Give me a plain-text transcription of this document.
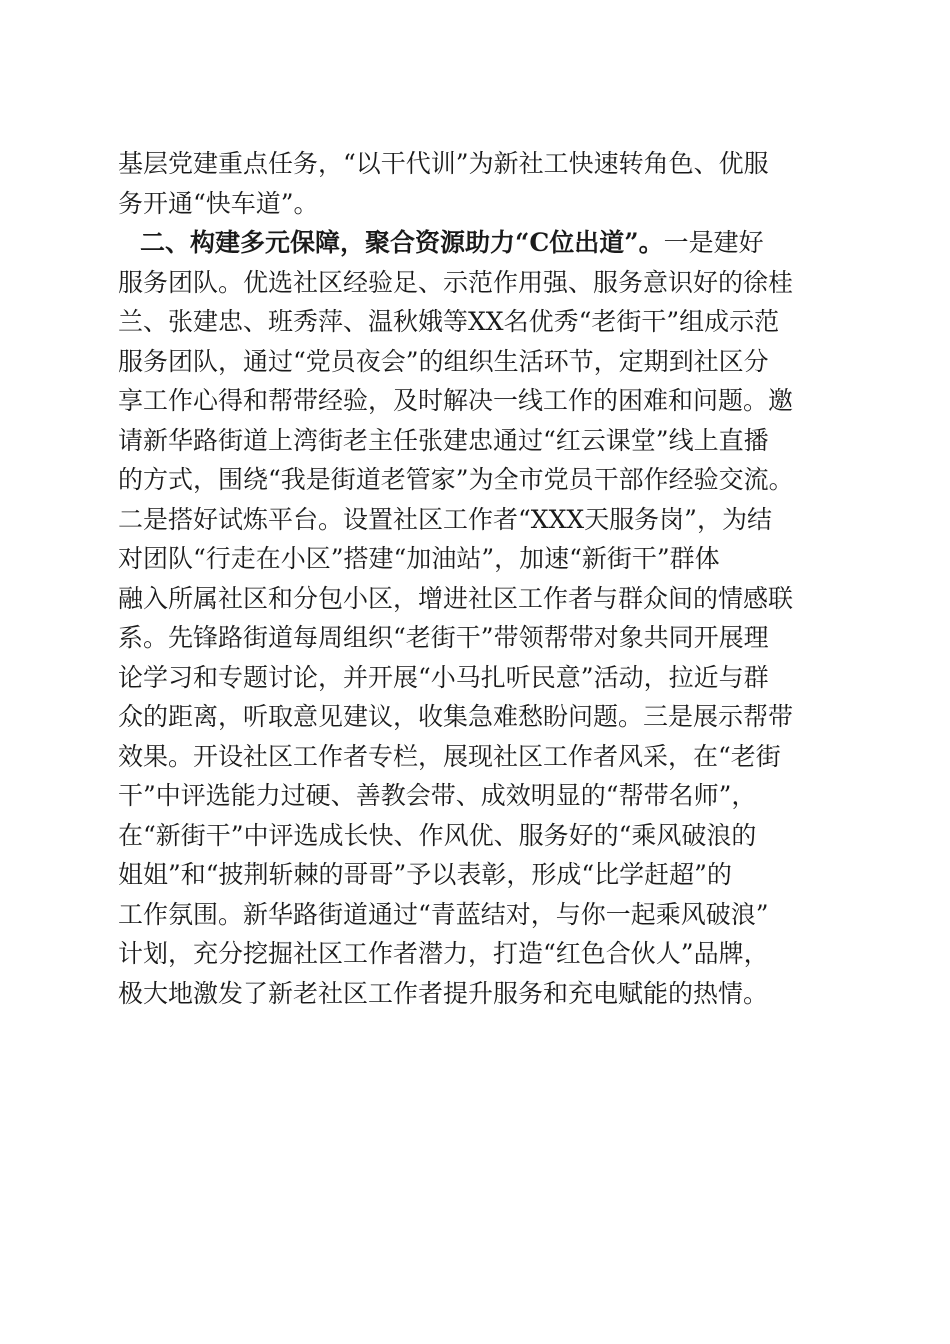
基层党建重点任务，“以干代训”为新社工快速转角色、优服
务开通“快车道”。
二、构建多元保障，聚合资源助力“C位出道”。一是建好
服务团队。优选社区经验足、示范作用强、服务意识好的徐桂
兰、张建忠、班秀萍、温秋娥等XX名优秀“老街干”组成示范
服务团队，通过“党员夜会”的组织生活环节，定期到社区分
享工作心得和帮带经验，及时解决一线工作的困难和问题。邀
请新华路街道上湾街老主任张建忠通过“红云课堂”线上直播
的方式，围绕“我是街道老管家”为全市党员干部作经验交流。
二是搭好试炼平台。设置社区工作者“XXX天服务岗”，为结
对团队“行走在小区”搭建“加油站”，加速“新街干”群体
融入所属社区和分包小区，增进社区工作者与群众间的情感联
系。先锋路街道每周组织“老街干”带领帮带对象共同开展理
论学习和专题讨论，并开展“小马扎听民意”活动，拉近与群
众的距离，听取意见建议，收集急难愁盼问题。三是展示帮带
效果。开设社区工作者专栏，展现社区工作者风采，在“老街
干”中评选能力过硬、善教会带、成效明显的“帮带名师”，
在“新街干”中评选成长快、作风优、服务好的“乘风破浪的
姐姐”和“披荆斩棘的哥哥”予以表彰，形成“比学赶超”的
工作氛围。新华路街道通过“青蓝结对，与你一起乘风破浪”
计划，充分挖掘社区工作者潜力，打造“红色合伙人”品牌，
极大地激发了新老社区工作者提升服务和充电赋能的热情。
